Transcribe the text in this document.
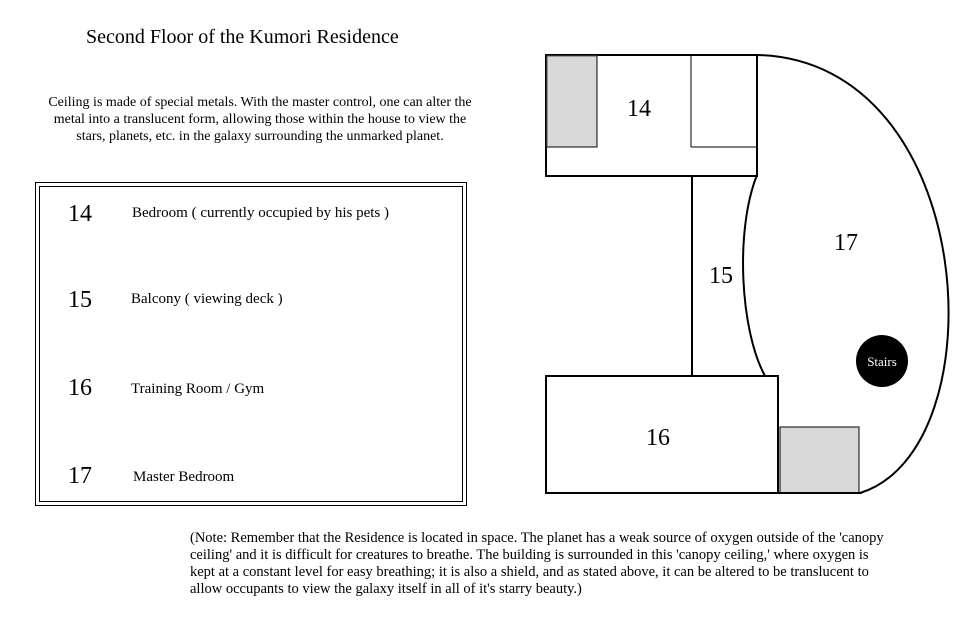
Second Floor of the Kumori Residence
Ceiling is made of special metals. With the master control, one can alter the metal into a translucent form, allowing those within the house to view the stars, planets, etc. in the galaxy surrounding the unmarked planet.
14	Bedroom ( currently occupied by his pets )
15	Balcony ( viewing deck )
16	Training Room / Gym
17	Master Bedroom
Stairs
14
15
17
16
(Note: Remember that the Residence is located in space. The planet has a weak source of oxygen outside of the 'canopy ceiling' and it is difficult for creatures to breathe. The building is surrounded in this 'canopy ceiling,' where oxygen is kept at a constant level for easy breathing; it is also a shield, and as stated above, it can be altered to be translucent to allow occupants to view the galaxy itself in all of it's starry beauty.)
